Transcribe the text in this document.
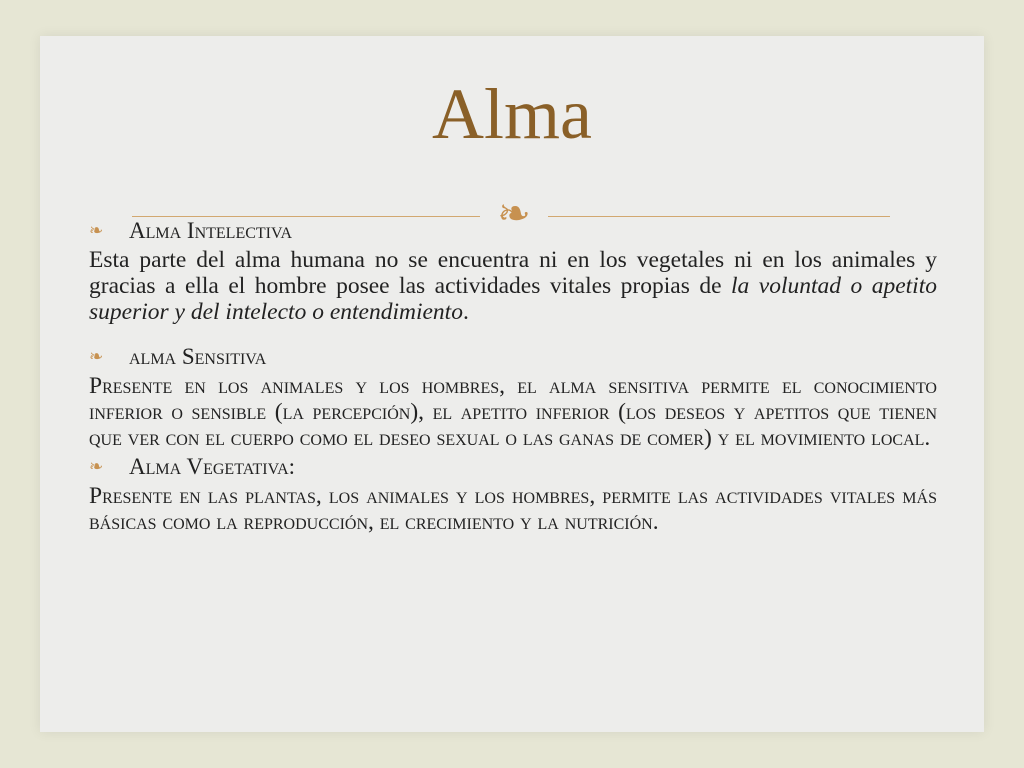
Alma
❧

❧	Alma Intelectiva

Esta parte del alma humana no se encuentra ni en los vegetales ni en los animales y gracias a ella el hombre posee las actividades vitales propias de la voluntad o apetito superior y del intelecto o entendimiento.

❧	alma Sensitiva

Presente en los animales y los hombres, el alma sensitiva permite el conocimiento inferior o sensible (la percepción), el apetito inferior (los deseos y apetitos que tienen que ver con el cuerpo como el deseo sexual o las ganas de comer) y el movimiento local.

❧	Alma Vegetativa:

Presente en las plantas, los animales y los hombres, permite las actividades vitales más básicas como la reproducción, el crecimiento y la nutrición.
